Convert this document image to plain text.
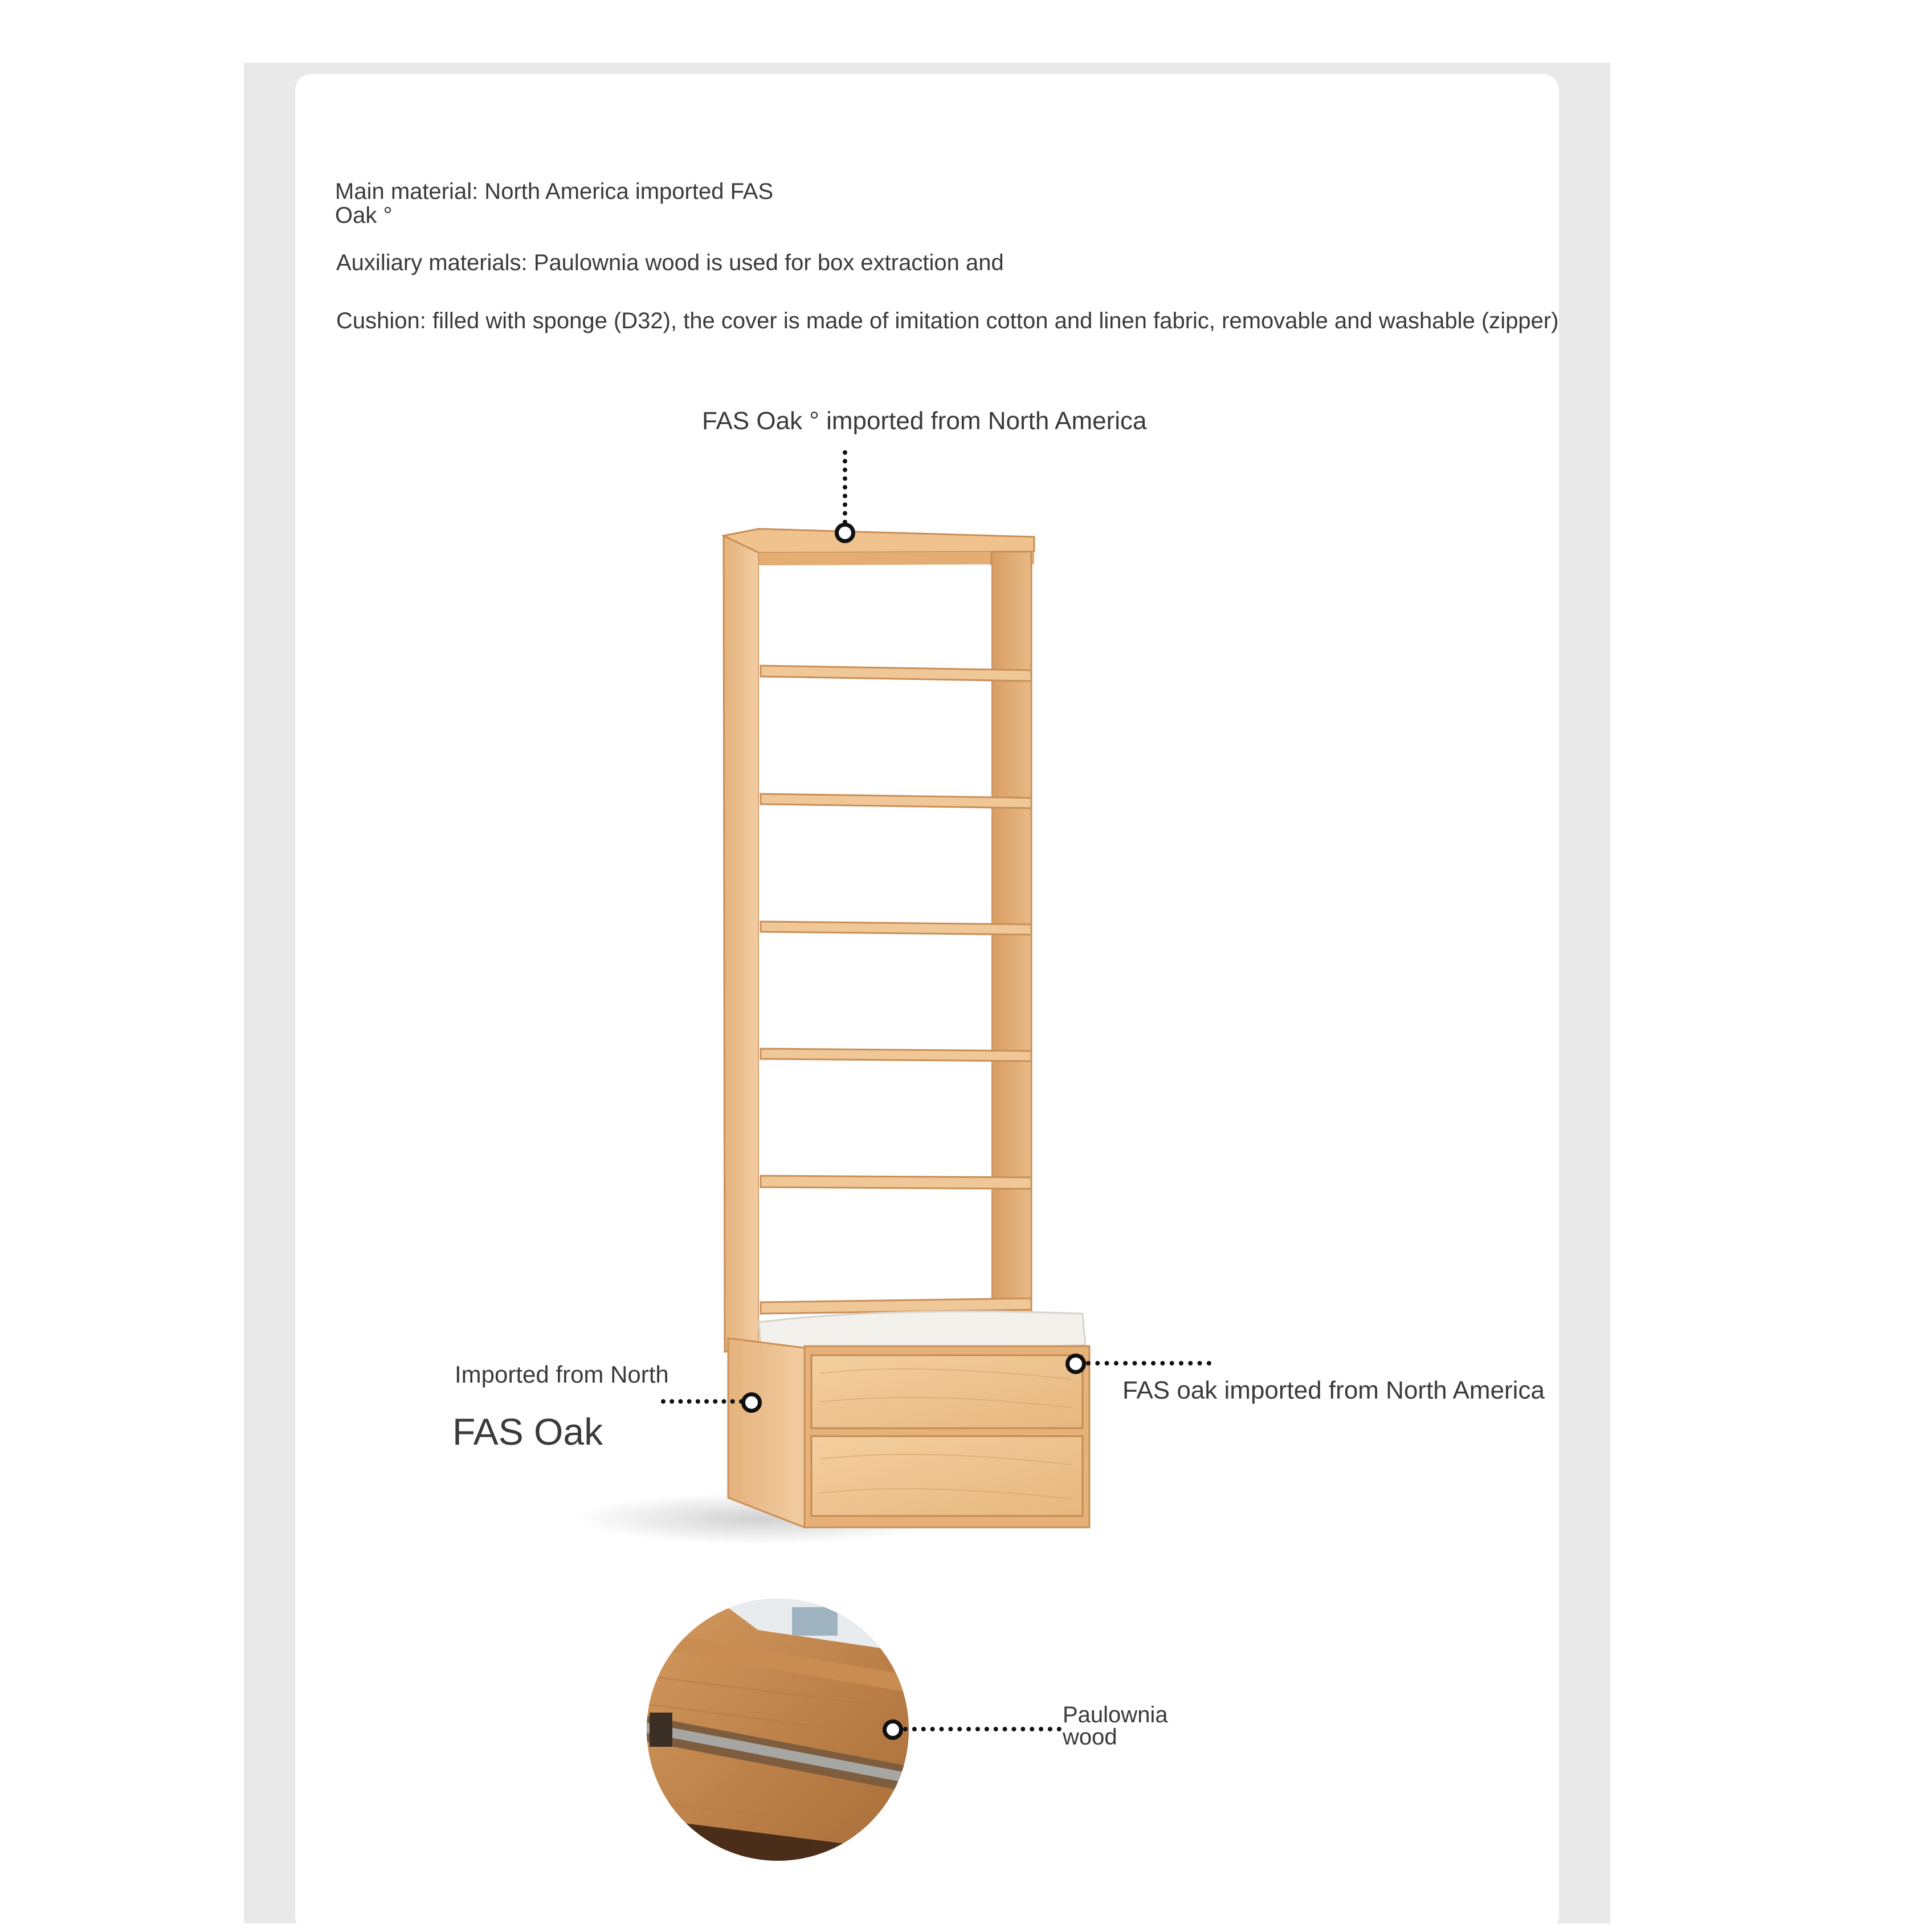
Main material: North America imported FAS
Oak °
Auxiliary materials: Paulownia wood is used for box extraction and
Cushion: filled with sponge (D32), the cover is made of imitation cotton and linen fabric, removable and washable (zipper)
FAS Oak ° imported from North America
Imported from North
FAS Oak
FAS oak imported from North America
Paulownia
wood
